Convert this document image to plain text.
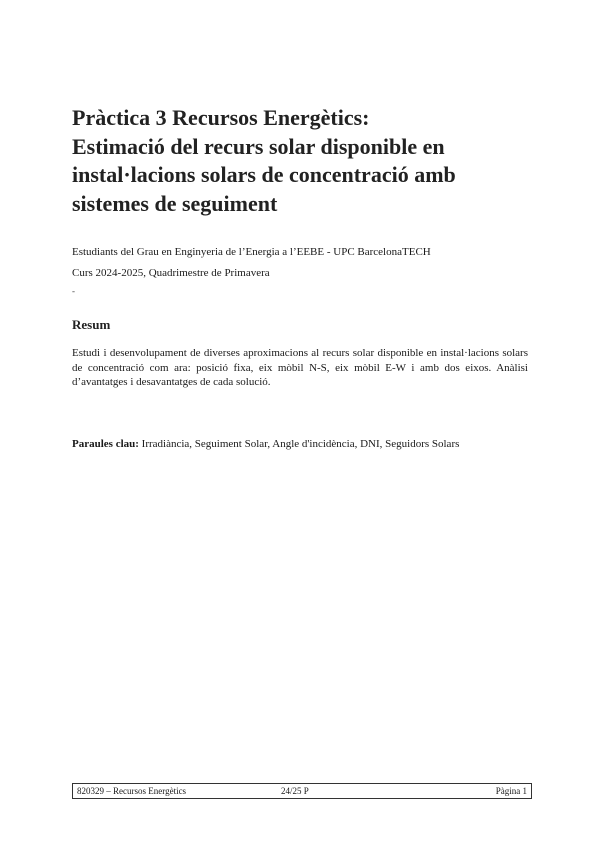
Pràctica 3 Recursos Energètics:
Estimació del recurs solar disponible en
instal·lacions solars de concentració amb
sistemes de seguiment
Estudiants del Grau en Enginyeria de l’Energia a l’EEBE - UPC BarcelonaTECH
Curs 2024-2025, Quadrimestre de Primavera
-
Resum

Estudi i desenvolupament de diverses aproximacions al recurs solar disponible en instal·lacions solars de concentració com ara: posició fixa, eix mòbil N-S, eix mòbil E-W i amb dos eixos. Anàlisi d’avantatges i desavantatges de cada solució.

Paraules clau: Irradiància, Seguiment Solar, Angle d'incidència, DNI, Seguidors Solars
820329 – Recursos Energètics	24/25 P	Pàgina 1
